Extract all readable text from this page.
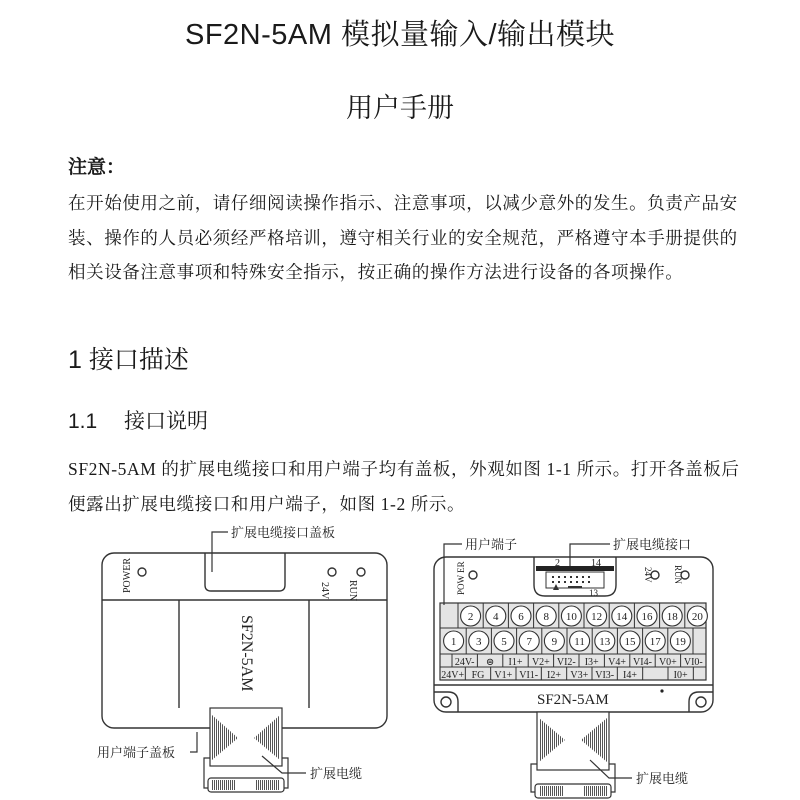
SF2N-5AM 模拟量输入/输出模块
用户手册
注意：
在开始使用之前，请仔细阅读操作指示、注意事项，以减少意外的发生。负责产品安装、操作的人员必须经严格培训，遵守相关行业的安全规范，严格遵守本手册提供的相关设备注意事项和特殊安全指示，按正确的操作方法进行设备的各项操作。
1 接口描述
1.1 接口说明
SF2N-5AM 的扩展电缆接口和用户端子均有盖板，外观如图 1-1 所示。打开各盖板后便露出扩展电缆接口和用户端子，如图 1-2 所示。
POWER	24V RUN
SF2N-5AM
扩展电缆接口盖板
用户端子盖板
扩展电缆
2	14
13
POW ER	24V RUN
2 4 6 8 10 12 14 16 18 20
1 3 5 7 9 11 13 15 17 19
24V- ⊜ I1+ V2+ VI2- I3+ V4+ VI4- V0+ VI0-
24V+ FG V1+ VI1- I2+ V3+ VI3- I4+	I0+
SF2N-5AM
用户端子	扩展电缆接口
扩展电缆
